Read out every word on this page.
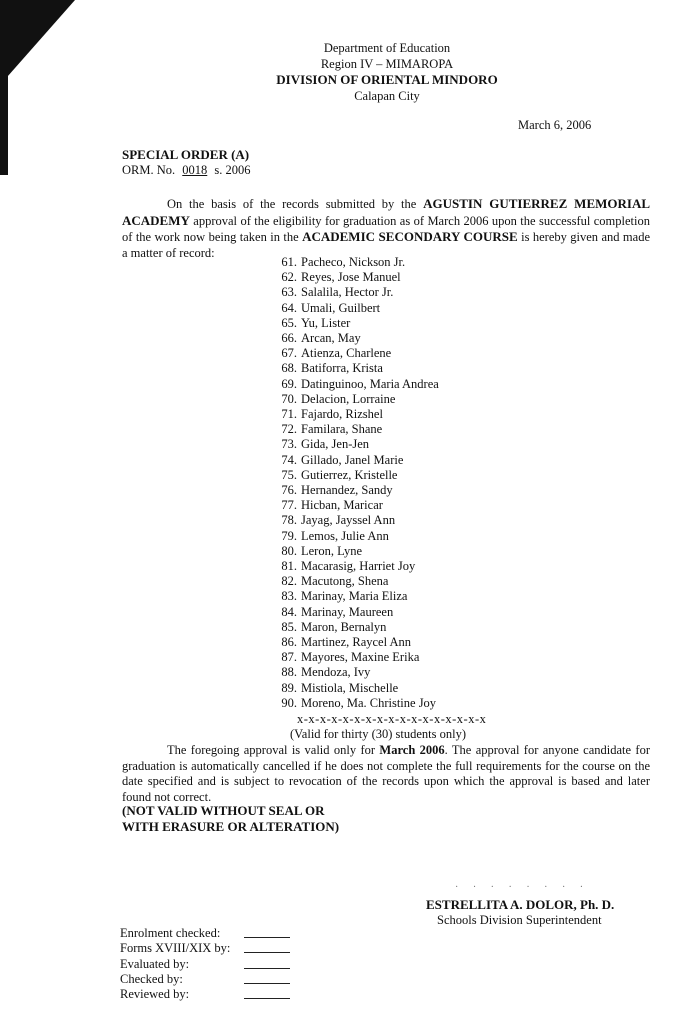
Department of Education
Region IV – MIMAROPA
DIVISION OF ORIENTAL MINDORO
Calapan City
March 6, 2006
SPECIAL ORDER (A)
ORM. No. 0018 s. 2006
On the basis of the records submitted by the AGUSTIN GUTIERREZ MEMORIAL ACADEMY approval of the eligibility for graduation as of March 2006 upon the successful completion of the work now being taken in the ACADEMIC SECONDARY COURSE is hereby given and made a matter of record:
61. Pacheco, Nickson Jr.
62. Reyes, Jose Manuel
63. Salalila, Hector Jr.
64. Umali, Guilbert
65. Yu, Lister
66. Arcan, May
67. Atienza, Charlene
68. Batiforra, Krista
69. Datinguinoo, Maria Andrea
70. Delacion, Lorraine
71. Fajardo, Rizshel
72. Familara, Shane
73. Gida, Jen-Jen
74. Gillado, Janel Marie
75. Gutierrez, Kristelle
76. Hernandez, Sandy
77. Hicban, Maricar
78. Jayag, Jayssel Ann
79. Lemos, Julie Ann
80. Leron, Lyne
81. Macarasig, Harriet Joy
82. Macutong, Shena
83. Marinay, Maria Eliza
84. Marinay, Maureen
85. Maron, Bernalyn
86. Martinez, Raycel Ann
87. Mayores, Maxine Erika
88. Mendoza, Ivy
89. Mistiola, Mischelle
90. Moreno, Ma. Christine Joy
x-x-x-x-x-x-x-x-x-x-x-x-x-x-x-x-x
(Valid for thirty (30) students only)
The foregoing approval is valid only for March 2006. The approval for anyone candidate for graduation is automatically cancelled if he does not complete the full requirements for the course on the date specified and is subject to revocation of the records upon which the approval is based and later found not correct.
(NOT VALID WITHOUT SEAL OR
WITH ERASURE OR ALTERATION)
· · · · · · · ·
ESTRELLITA A. DOLOR, Ph. D.
Schools Division Superintendent
Enrolment checked:
Forms XVIII/XIX by:
Evaluated by:
Checked by:
Reviewed by:
